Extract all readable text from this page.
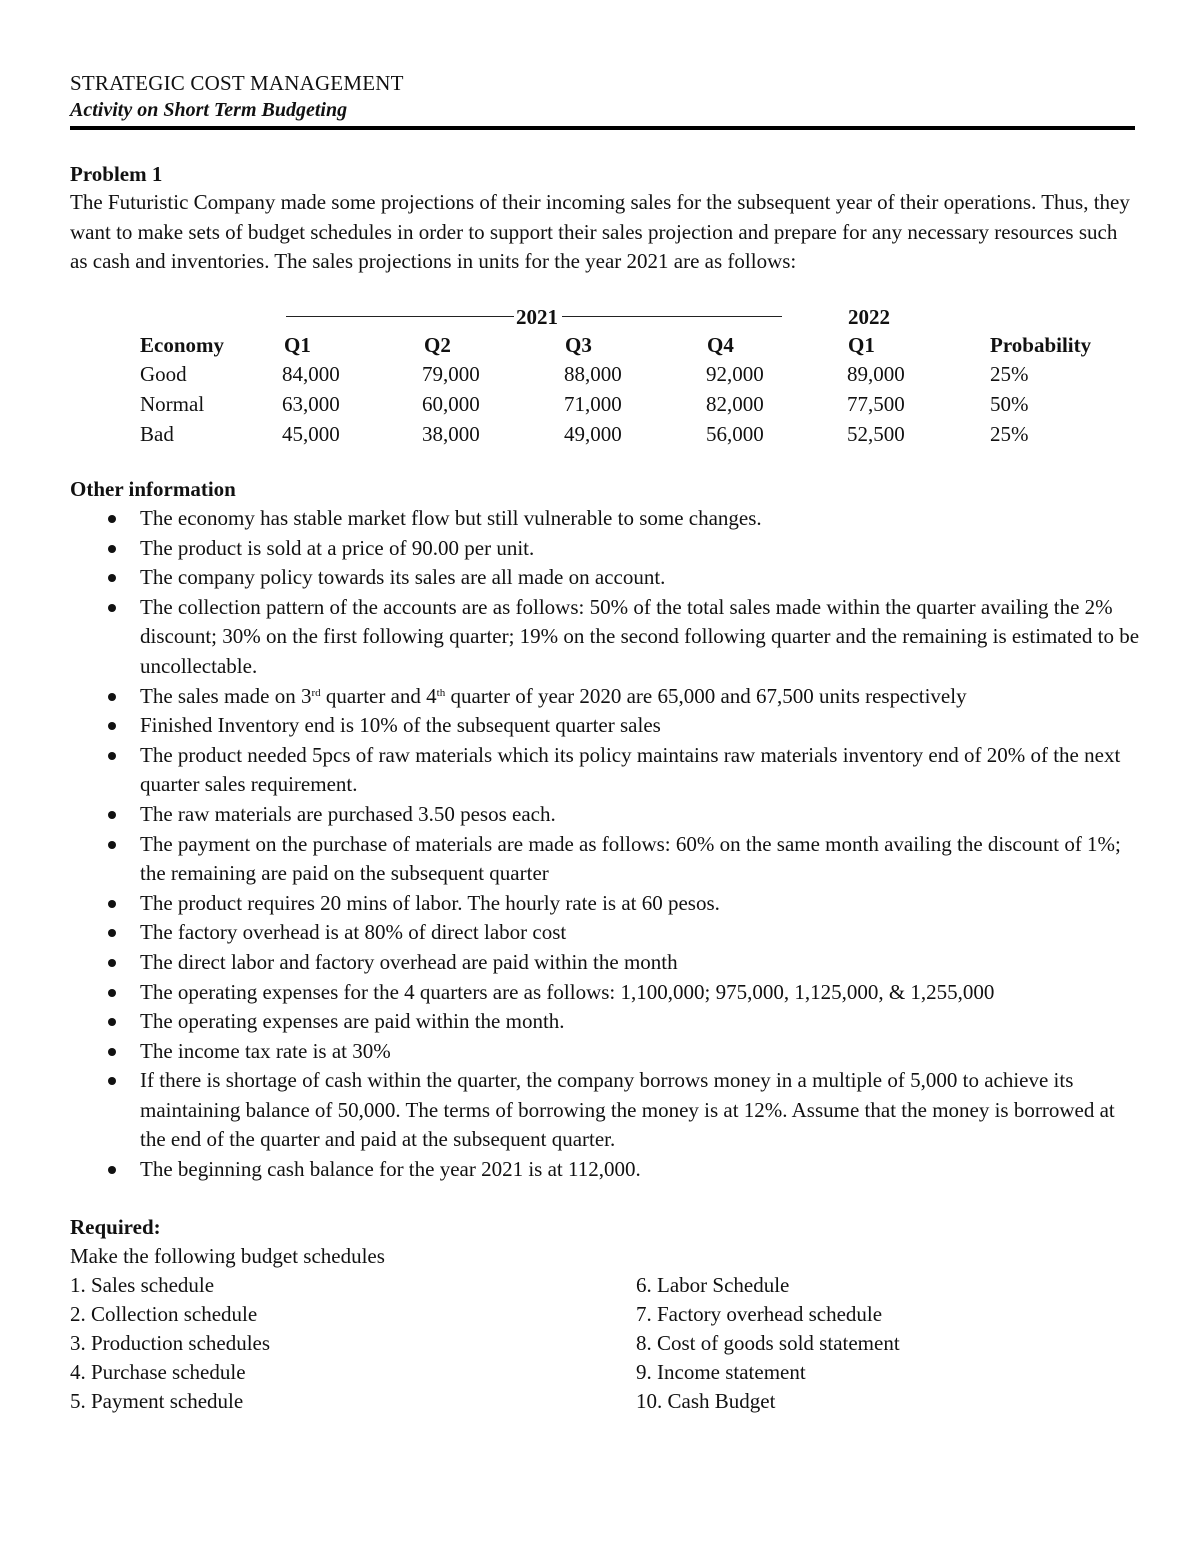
STRATEGIC COST MANAGEMENT
Activity on Short Term Budgeting
Problem 1
The Futuristic Company made some projections of their incoming sales for the subsequent year of their operations. Thus, they want to make sets of budget schedules in order to support their sales projection and prepare for any necessary resources such as cash and inventories. The sales projections in units for the year 2021 are as follows:
2021	2022
Economy	Q1	Q2	Q3	Q4	Q1	Probability
Good	84,000	79,000	88,000	92,000	89,000	25%
Normal	63,000	60,000	71,000	82,000	77,500	50%
Bad	45,000	38,000	49,000	56,000	52,500	25%
Other information
The economy has stable market flow but still vulnerable to some changes.
The product is sold at a price of 90.00 per unit.
The company policy towards its sales are all made on account.
The collection pattern of the accounts are as follows: 50% of the total sales made within the quarter availing the 2% discount; 30% on the first following quarter; 19% on the second following quarter and the remaining is estimated to be uncollectable.
The sales made on 3rd quarter and 4th quarter of year 2020 are 65,000 and 67,500 units respectively
Finished Inventory end is 10% of the subsequent quarter sales
The product needed 5pcs of raw materials which its policy maintains raw materials inventory end of 20% of the next quarter sales requirement.
The raw materials are purchased 3.50 pesos each.
The payment on the purchase of materials are made as follows: 60% on the same month availing the discount of 1%; the remaining are paid on the subsequent quarter
The product requires 20 mins of labor. The hourly rate is at 60 pesos.
The factory overhead is at 80% of direct labor cost
The direct labor and factory overhead are paid within the month
The operating expenses for the 4 quarters are as follows: 1,100,000; 975,000, 1,125,000, & 1,255,000
The operating expenses are paid within the month.
The income tax rate is at 30%
If there is shortage of cash within the quarter, the company borrows money in a multiple of 5,000 to achieve its maintaining balance of 50,000. The terms of borrowing the money is at 12%. Assume that the money is borrowed at the end of the quarter and paid at the subsequent quarter.
The beginning cash balance for the year 2021 is at 112,000.
Required:
Make the following budget schedules
1. Sales schedule
2. Collection schedule
3. Production schedules
4. Purchase schedule
5. Payment schedule
6. Labor Schedule
7. Factory overhead schedule
8. Cost of goods sold statement
9. Income statement
10. Cash Budget
